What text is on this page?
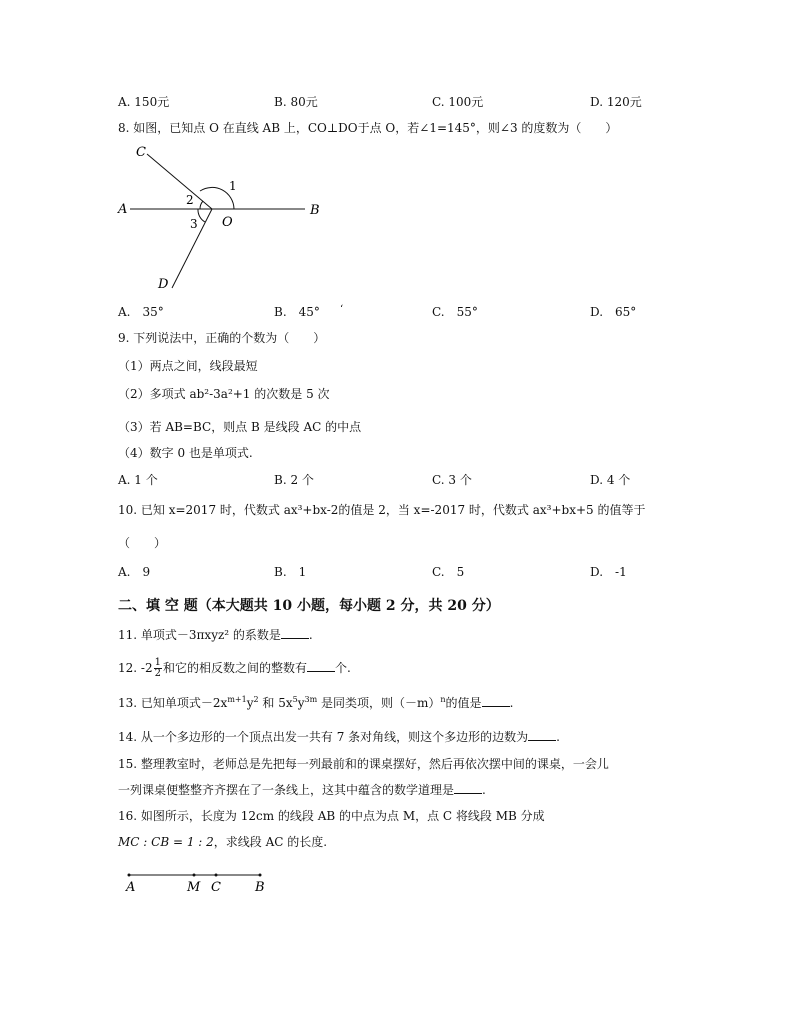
A. 150元	B. 80元	C. 100元	D. 120元
8. 如图，已知点 O 在直线 AB 上，CO⊥DO于点 O，若∠1=145°，则∠3 的度数为（　　）
C
A
O
B
D
1
2
3
A.　35°	B.　45° ‘	C.　55°	D.　65°
9. 下列说法中，正确的个数为（　　）
（1）两点之间，线段最短
（2）多项式 ab²-3a²+1 的次数是 5 次
（3）若 AB=BC，则点 B 是线段 AC 的中点
（4）数字 0 也是单项式.
A. 1 个	B. 2 个	C. 3 个	D. 4 个
10. 已知 x=2017 时，代数式 ax³+bx-2的值是 2，当 x=-2017 时，代数式 ax³+bx+5 的值等于
（　　）
A.　9	B.　1	C.　5	D.　-1
二、填 空 题（本大题共 10 小题，每小题 2 分，共 20 分）
11. 单项式－3πxyz² 的系数是 .
12. $-2 \frac{1}{2}$ 和它的相反数之间的整数有 个.
13. 已知单项式$-2x^{m+1}y^2$ 和 $5x^5y^{3m}$ 是同类项，则$(-m)^n$的值是 .
14. 从一个多边形的一个顶点出发一共有 7 条对角线，则这个多边形的边数为 .
15. 整理教室时，老师总是先把每一列最前和的课桌摆好，然后再依次摆中间的课桌，一会儿
一列课桌便整整齐齐摆在了一条线上，这其中蕴含的数学道理是 .
16. 如图所示，长度为 12cm 的线段 AB 的中点为点 M，点 C 将线段 MB 分成
MC : CB = 1 : 2，求线段 AC 的长度.
A	M C	B
